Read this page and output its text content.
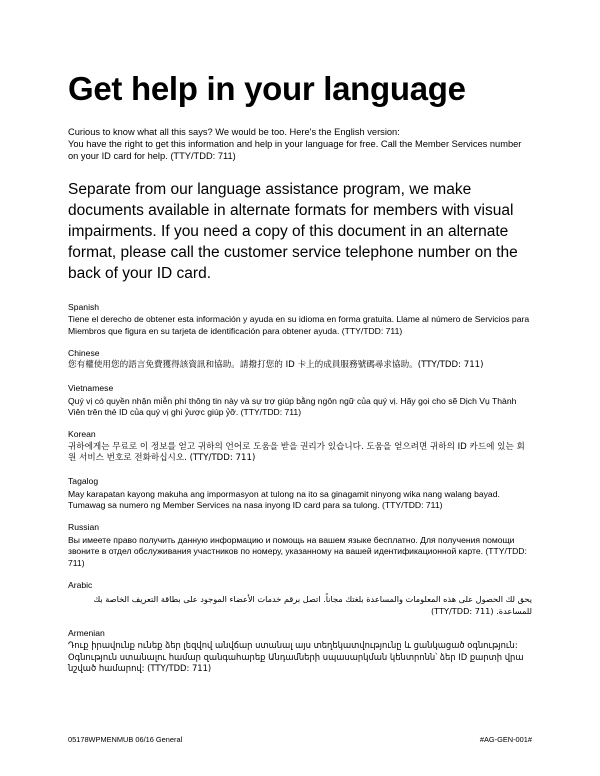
Get help in your language

Curious to know what all this says? We would be too. Here's the English version:

You have the right to get this information and help in your language for free. Call the Member Services number on your ID card for help. (TTY/TDD: 711)

Separate from our language assistance program, we make documents available in alternate formats for members with visual impairments. If you need a copy of this document in an alternate format, please call the customer service telephone number on the back of your ID card.
Spanish
Tiene el derecho de obtener esta información y ayuda en su idioma en forma gratuita. Llame al número de Servicios para Miembros que figura en su tarjeta de identificación para obtener ayuda. (TTY/TDD: 711)
Chinese
您有權使用您的語言免費獲得該資訊和協助。請撥打您的 ID 卡上的成員服務號碼尋求協助。(TTY/TDD: 711)
Vietnamese
Quý vị có quyền nhận miễn phí thông tin này và sự trợ giúp bằng ngôn ngữ của quý vị. Hãy gọi cho sẽ Dịch Vụ Thành Viên trên thẻ ID của quý vị ghi ỷược giúp ỷỡ. (TTY/TDD: 711)
Korean
귀하에게는 무료로 이 정보를 얻고 귀하의 언어로 도움을 받을 권리가 있습니다. 도움을 얻으려면 귀하의 ID 카드에 있는 회원 서비스 번호로 전화하십시오. (TTY/TDD: 711)
Tagalog
May karapatan kayong makuha ang impormasyon at tulong na ito sa ginagamit ninyong wika nang walang bayad. Tumawag sa numero ng Member Services na nasa inyong ID card para sa tulong. (TTY/TDD: 711)
Russian
Вы имеете право получить данную информацию и помощь на вашем языке бесплатно. Для получения помощи звоните в отдел обслуживания участников по номеру, указанному на вашей идентификационной карте. (TTY/TDD: 711)
Arabic
يحق لك الحصول على هذه المعلومات والمساعدة بلغتك مجاناً. اتصل برقم خدمات الأعضاء الموجود على بطاقة التعريف الخاصة بك للمساعدة. (TTY/TDD: 711)
Armenian
Դուք իրավունք ունեք ձեր լեզվով անվճար ստանալ այս տեղեկատվությունը և ցանկացած օգնություն: Օգնություն ստանալու համար զանգահարեք Անդամների սպասարկման կենտրոնն՝ ձեր ID քարտի վրա նշված համարով: (TTY/TDD: 711)
05178WPMENMUB 06/16 General	#AG-GEN-001#
